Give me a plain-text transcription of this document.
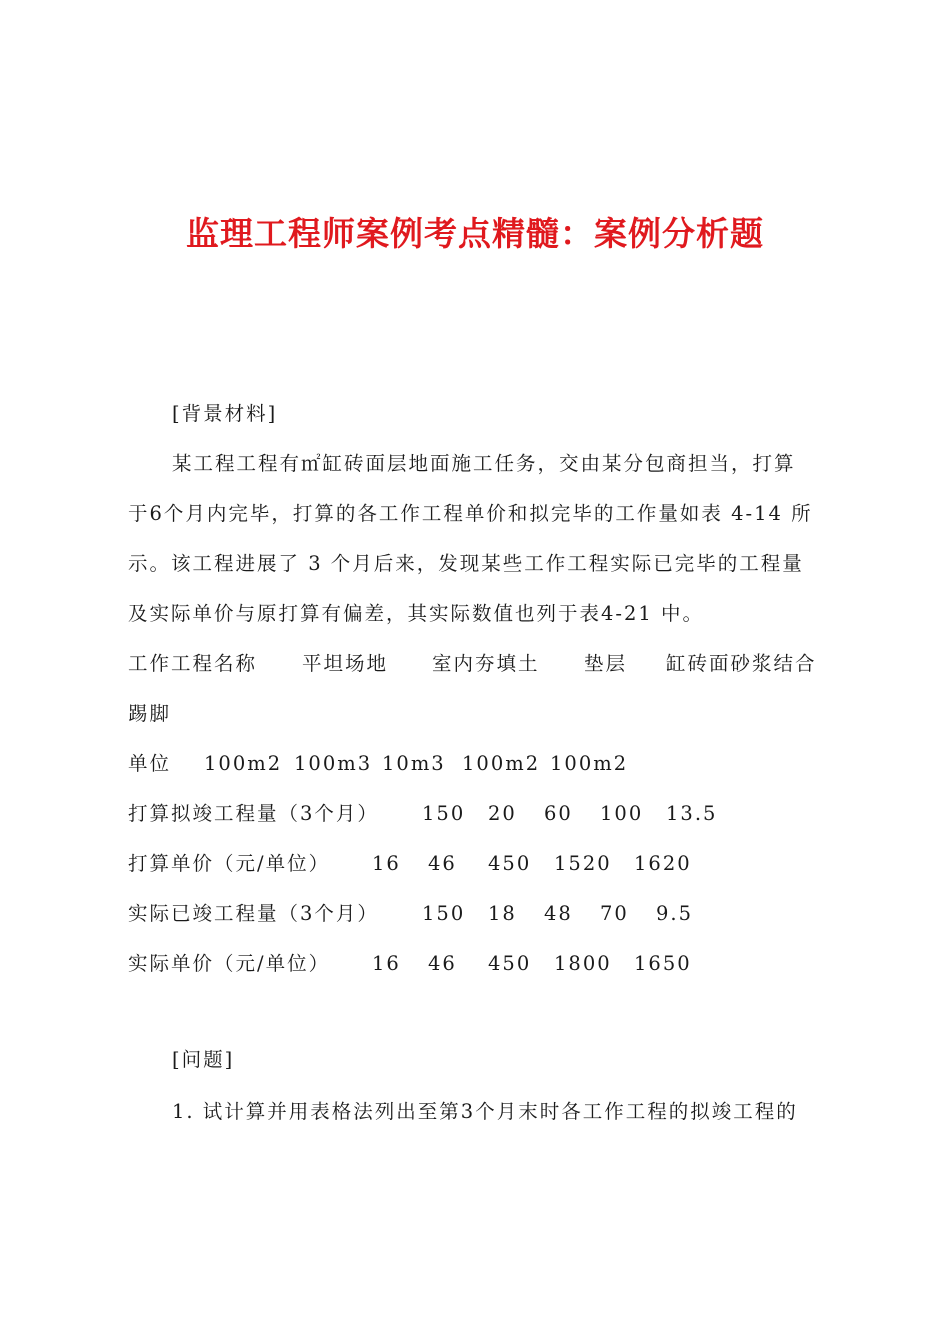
监理工程师案例考点精髓：案例分析题
[背景材料]
某工程工程有㎡缸砖面层地面施工任务，交由某分包商担当，打算
于6个月内完毕，打算的各工作工程单价和拟完毕的工作量如表 4-14 所
示。该工程进展了 3 个月后来，发现某些工作工程实际已完毕的工程量
及实际单价与原打算有偏差，其实际数值也列于表4-21 中。
工作工程名称 平坦场地 室内夯填土 垫层 缸砖面砂浆结合
踢脚
单位 100m2 100m3 10m3 100m2 100m2
打算拟竣工程量（3个月） 150 20 60 100 13.5
打算单价（元/单位） 16 46 450 1520 1620
实际已竣工程量（3个月） 150 18 48 70 9.5
实际单价（元/单位） 16 46 450 1800 1650
[问题]
1. 试计算并用表格法列出至第3个月末时各工作工程的拟竣工程的
